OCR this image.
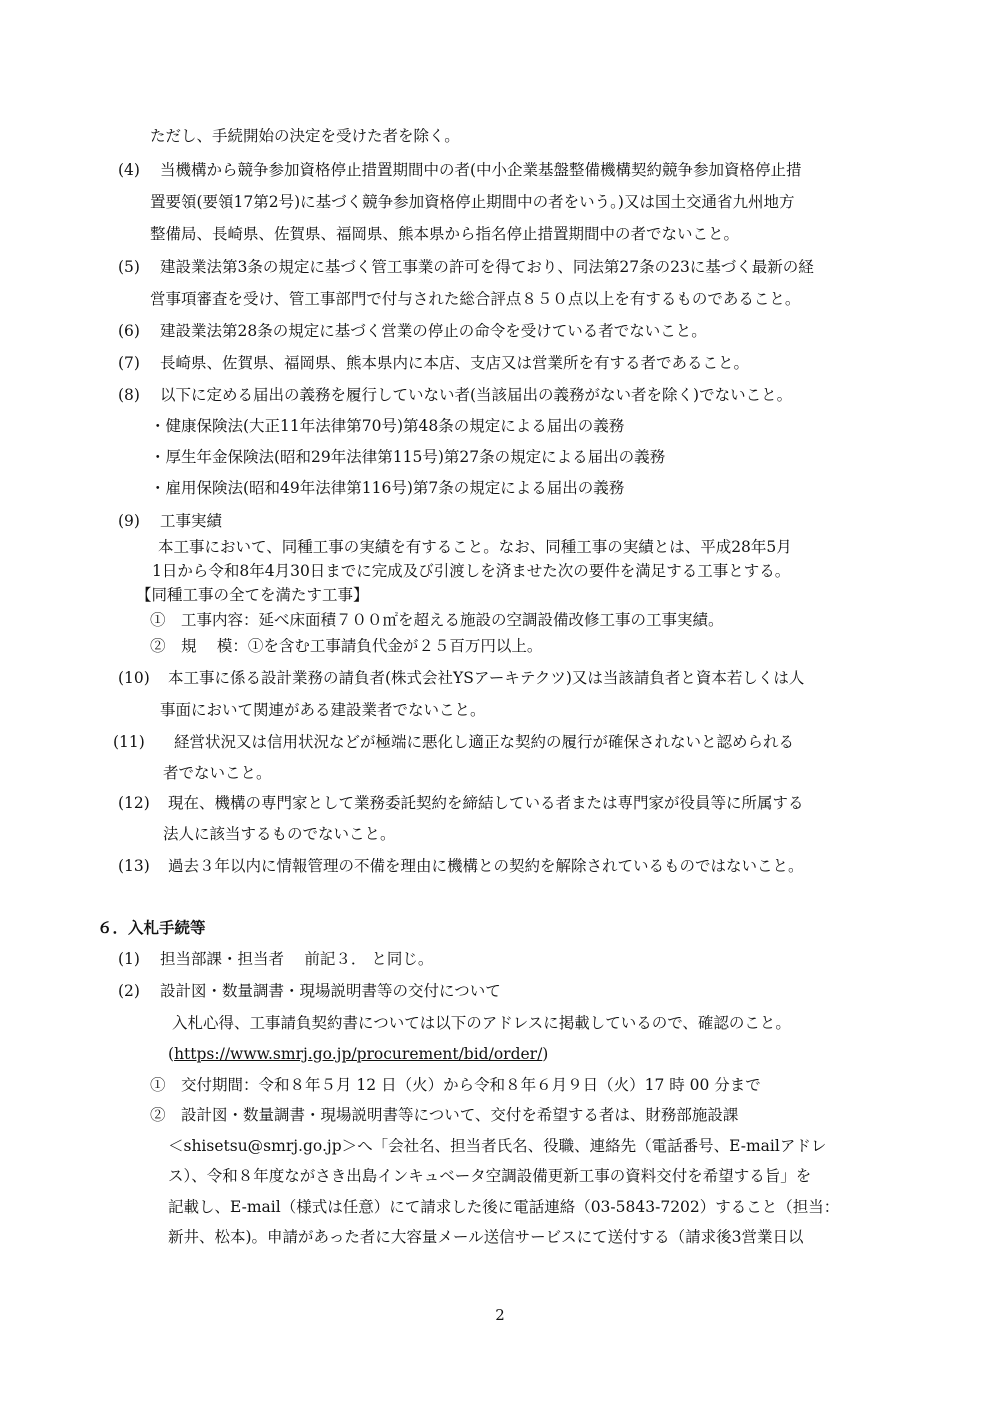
ただし、手続開始の決定を受けた者を除く。
(4) 当機構から競争参加資格停止措置期間中の者(中小企業基盤整備機構契約競争参加資格停止措
置要領(要領17第2号)に基づく競争参加資格停止期間中の者をいう。)又は国土交通省九州地方
整備局、長崎県、佐賀県、福岡県、熊本県から指名停止措置期間中の者でないこと。
(5) 建設業法第3条の規定に基づく管工事業の許可を得ており、同法第27条の23に基づく最新の経
営事項審査を受け、管工事部門で付与された総合評点８５０点以上を有するものであること。
(6) 建設業法第28条の規定に基づく営業の停止の命令を受けている者でないこと。
(7) 長崎県、佐賀県、福岡県、熊本県内に本店、支店又は営業所を有する者であること。
(8) 以下に定める届出の義務を履行していない者(当該届出の義務がない者を除く)でないこと。
・健康保険法(大正11年法律第70号)第48条の規定による届出の義務
・厚生年金保険法(昭和29年法律第115号)第27条の規定による届出の義務
・雇用保険法(昭和49年法律第116号)第7条の規定による届出の義務
(9) 工事実績
本工事において、同種工事の実績を有すること。なお、同種工事の実績とは、平成28年5月
1日から令和8年4月30日までに完成及び引渡しを済ませた次の要件を満足する工事とする。
【同種工事の全てを満たす工事】
①　工事内容：延べ床面積７００㎡を超える施設の空調設備改修工事の工事実績。
②　規　 模：①を含む工事請負代金が２５百万円以上。
(10) 本工事に係る設計業務の請負者(株式会社YSアーキテクツ)又は当該請負者と資本若しくは人
事面において関連がある建設業者でないこと。
(11) 経営状況又は信用状況などが極端に悪化し適正な契約の履行が確保されないと認められる
者でないこと。
(12) 現在、機構の専門家として業務委託契約を締結している者または専門家が役員等に所属する
法人に該当するものでないこと。
(13) 過去３年以内に情報管理の不備を理由に機構との契約を解除されているものではないこと。
６．入札手続等
(1) 担当部課・担当者　 前記３． と同じ。
(2) 設計図・数量調書・現場説明書等の交付について
入札心得、工事請負契約書については以下のアドレスに掲載しているので、確認のこと。
(https://www.smrj.go.jp/procurement/bid/order/)
①　交付期間：令和８年５月 12 日（火）から令和８年６月９日（火）17 時 00 分まで
②　設計図・数量調書・現場説明書等について、交付を希望する者は、財務部施設課
＜shisetsu@smrj.go.jp＞へ「会社名、担当者氏名、役職、連絡先（電話番号、E-mailアドレ
ス）、令和８年度ながさき出島インキュベータ空調設備更新工事の資料交付を希望する旨」を
記載し、E-mail（様式は任意）にて請求した後に電話連絡（03-5843-7202）すること（担当：
新井、松本)。申請があった者に大容量メール送信サービスにて送付する（請求後3営業日以
2
